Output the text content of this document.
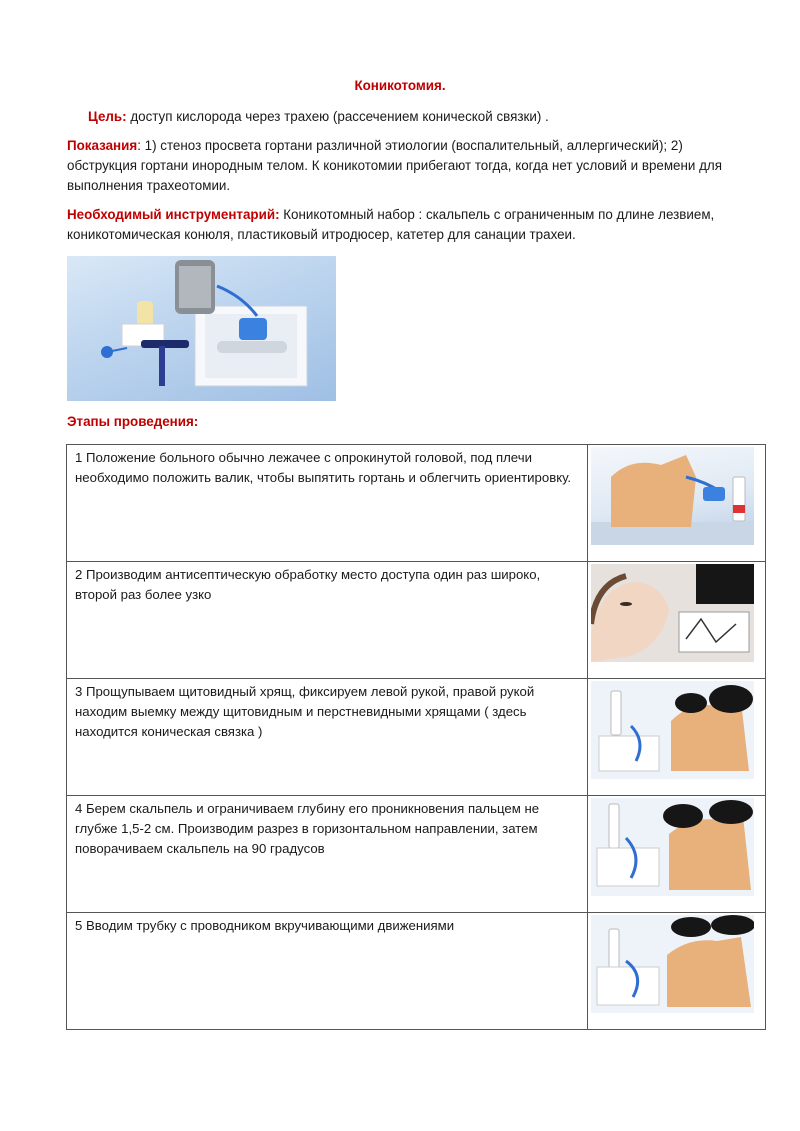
Коникотомия.

Цель: доступ кислорода через трахею (рассечением конической связки) .

Показания: 1) стеноз просвета гортани различной этиологии (воспалительный, аллергический); 2) обструкция гортани инородным телом. К коникотомии прибегают тогда, когда нет условий и времени для выполнения трахеотомии.

Необходимый инструментарий: Коникотомный набор : скальпель с ограниченным по длине лезвием, коникотомическая конюля, пластиковый итродюсер, катетер для санации трахеи.

Этапы проведения:
1 Положение больного обычно лежачее с опрокинутой головой, под плечи необходимо положить валик, чтобы выпятить гортань и облегчить ориентировку.	

2 Производим антисептическую обработку место доступа один раз широко, второй раз более узко	

3 Прощупываем щитовидный хрящ, фиксируем левой рукой, правой рукой находим выемку между щитовидным и перстневидными хрящами ( здесь находится коническая связка )	

4 Берем скальпель и ограничиваем глубину его проникновения пальцем не глубже 1,5-2 см. Производим разрез в горизонтальном направлении, затем поворачиваем скальпель на 90 градусов	

5 Вводим трубку с проводником вкручивающими движениями	
